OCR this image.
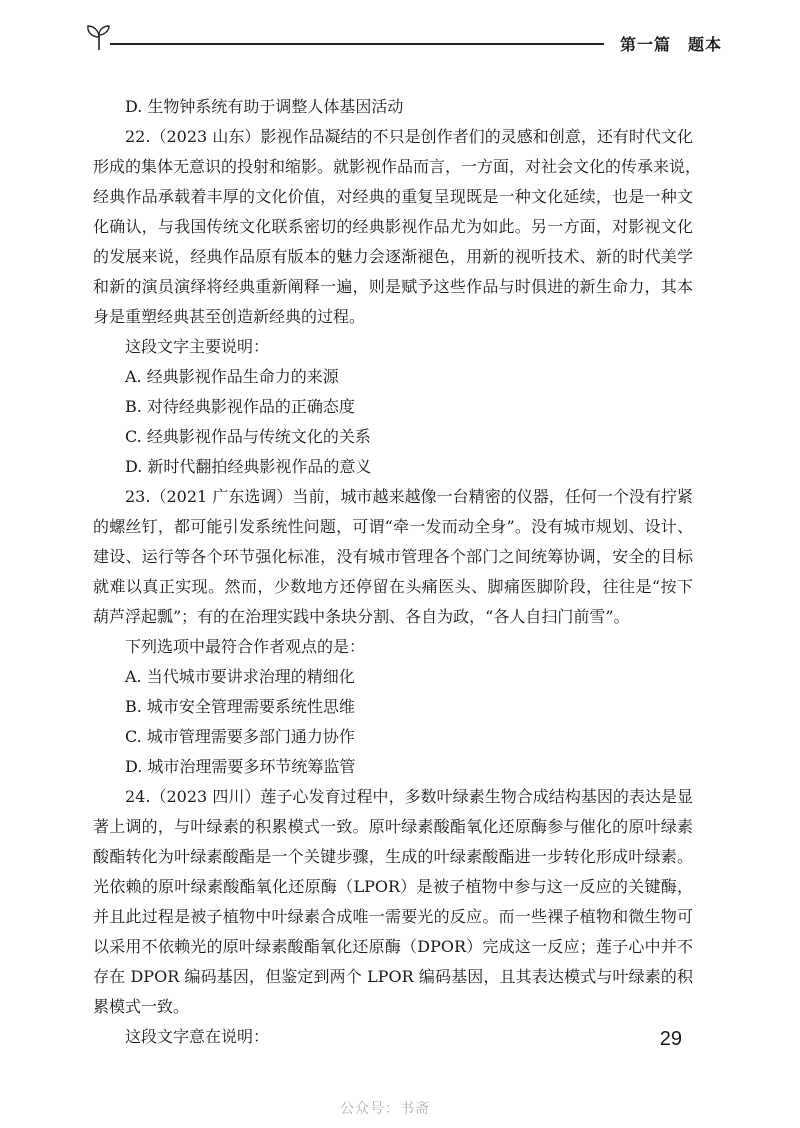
第一篇　题本
D. 生物钟系统有助于调整人体基因活动
22.（2023 山东）影视作品凝结的不只是创作者们的灵感和创意，还有时代文化
形成的集体无意识的投射和缩影。就影视作品而言，一方面，对社会文化的传承来说，
经典作品承载着丰厚的文化价值，对经典的重复呈现既是一种文化延续，也是一种文
化确认，与我国传统文化联系密切的经典影视作品尤为如此。另一方面，对影视文化
的发展来说，经典作品原有版本的魅力会逐渐褪色，用新的视听技术、新的时代美学
和新的演员演绎将经典重新阐释一遍，则是赋予这些作品与时俱进的新生命力，其本
身是重塑经典甚至创造新经典的过程。
这段文字主要说明：
A. 经典影视作品生命力的来源
B. 对待经典影视作品的正确态度
C. 经典影视作品与传统文化的关系
D. 新时代翻拍经典影视作品的意义
23.（2021 广东选调）当前，城市越来越像一台精密的仪器，任何一个没有拧紧
的螺丝钉，都可能引发系统性问题，可谓“牵一发而动全身”。没有城市规划、设计、
建设、运行等各个环节强化标准，没有城市管理各个部门之间统筹协调，安全的目标
就难以真正实现。然而，少数地方还停留在头痛医头、脚痛医脚阶段，往往是“按下
葫芦浮起瓢”；有的在治理实践中条块分割、各自为政，“各人自扫门前雪”。
下列选项中最符合作者观点的是：
A. 当代城市要讲求治理的精细化
B. 城市安全管理需要系统性思维
C. 城市管理需要多部门通力协作
D. 城市治理需要多环节统筹监管
24.（2023 四川）莲子心发育过程中，多数叶绿素生物合成结构基因的表达是显
著上调的，与叶绿素的积累模式一致。原叶绿素酸酯氧化还原酶参与催化的原叶绿素
酸酯转化为叶绿素酸酯是一个关键步骤，生成的叶绿素酸酯进一步转化形成叶绿素。
光依赖的原叶绿素酸酯氧化还原酶（LPOR）是被子植物中参与这一反应的关键酶，
并且此过程是被子植物中叶绿素合成唯一需要光的反应。而一些裸子植物和微生物可
以采用不依赖光的原叶绿素酸酯氧化还原酶（DPOR）完成这一反应；莲子心中并不
存在 DPOR 编码基因，但鉴定到两个 LPOR 编码基因，且其表达模式与叶绿素的积
累模式一致。
这段文字意在说明：	29
公众号：书斋
